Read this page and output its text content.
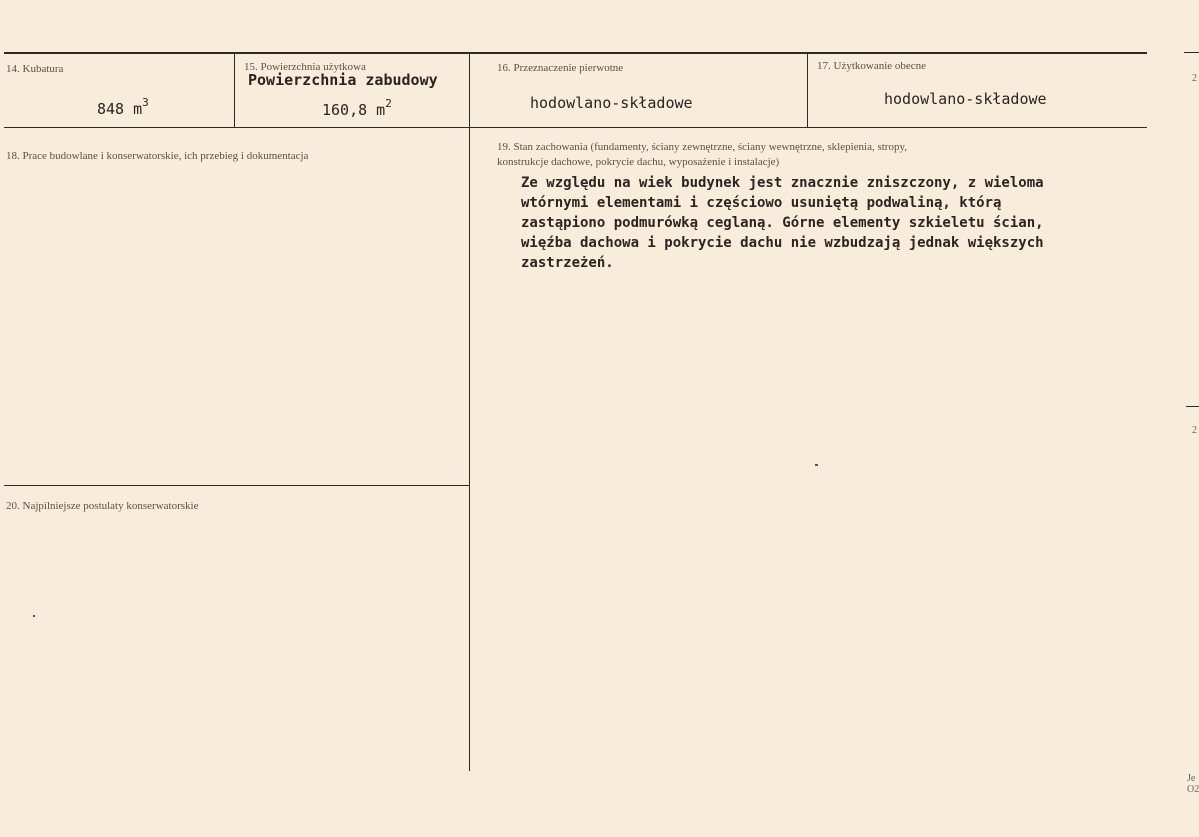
14. Kubatura
848 $m^3$
15. Powierzchnia użytkowa
Powierzchnia zabudowy
160,8 $m^2$
16. Przeznaczenie pierwotne
hodowlano-składowe
17. Użytkowanie obecne
hodowlano-składowe
18. Prace budowlane i konserwatorskie, ich przebieg i dokumentacja
19. Stan zachowania (fundamenty, ściany zewnętrzne, ściany wewnętrzne, sklepienia, stropy,
konstrukcje dachowe, pokrycie dachu, wyposażenie i instalacje)
Ze względu na wiek budynek jest znacznie zniszczony, z wieloma
wtórnymi elementami i częściowo usuniętą podwaliną, którą
zastąpiono podmurówką ceglaną. Górne elementy szkieletu ścian,
więźba dachowa i pokrycie dachu nie wzbudzają jednak większych
zastrzeżeń.
20. Najpilniejsze postulaty konserwatorskie
2
2
Je
O2
